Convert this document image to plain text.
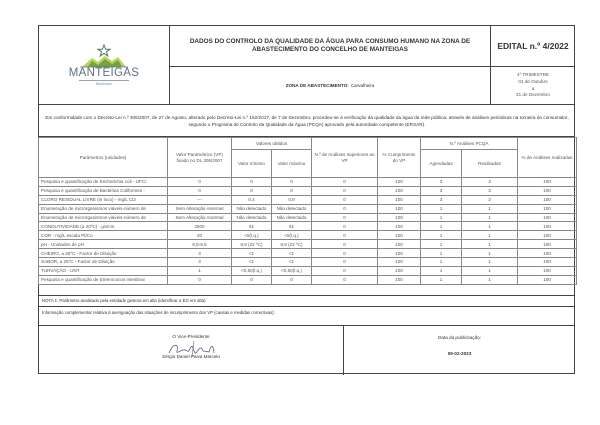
MANTEIGAS
Município
DADOS DO CONTROLO DA QUALIDADE DA ÁGUA PARA CONSUMO HUMANO NA ZONA DE ABASTECIMENTO DO CONCELHO DE MANTEIGAS	EDITAL n.º 4/2022
ZONA DE ABASTECIMENTO: Carvalheira
4º TRIMESTRE
01 de Outubro
a
31 de Dezembro
Em conformidade com o Decreto-Lei n.º 306/2007, de 27 de Agosto, alterado pelo Decreto-Lei n.º 152/2017, de 7 de Dezembro, procedeu-se à verificação da qualidade da água da rede pública, através de análises periódicas na torneira do consumidor, segundo o Programa de Controlo da Qualidade da Água (PCQA) aprovado pela autoridade competente (ERSAR).
Parâmetros (unidades)	Valor Paramétrico (VP) fixado no DL 306/2007	Valores obtidos		N.º de Análises superiores ao VP	% Cumprimento do VP	N.º Análises PCQA		% de Análises realizadas
		Valor mínimo	Valor máximo			Agendadas	Realizadas	
Pesquisa e quantificação de Escherichia coli - UFC/	0	0	0	0	100	3	3	100
Pesquisa e quantificação de Bactérias Coliformes -	0	0	0	0	100	3	3	100
CLORO RESIDUAL LIVRE (in loco) - mg/L Cl2	---	0,4	0,8	0	100	3	3	100
Enumeração de microrganismos viáveis-número de	Sem Alteração Anormal	Não detectado	Não detectado	0	100	1	1	100
Enumeração de microrganismos viáveis-número de	Sem Alteração Anormal	Não detectado	Não detectado	0	100	1	1	100
CONDUTIVIDADE (a 20ºC) - µS/cm	2500	51	51	0	100	1	1	100
COR - mg/L escala Pt/Co	20	<5(l.q.)	<5(l.q.)	0	100	1	1	100
pH - Unidades de pH	6,5-9,5	6,9 (22 ºC)	6,9 (22 ºC)	0	100	1	1	100
CHEIRO, a 25ºC - Factor de Diluição	3	<1	<1	0	100	1	1	100
SABOR, a 25ºC - Factor de Diluição	3	<1	<1	0	100	1	1	100
TURVAÇÃO - UNT	1	<0,50(l.q.)	<0,50(l.q.)	0	100	1	1	100
Pesquisa e quantificação de Enterococos intestinai	0	0	0	0	100	1	1	100
NOTA 1: Parâmetro analisado pela entidade gestora em alta (identificar a EG em alta)
Informação complementar relativa à averiguação das situações de incumprimento dos VP (causas e medidas correctivas):
O Vice-Presidente
Sérgio Daniel Paiva Marcelo
Data da publicitação:
09-02-2023
